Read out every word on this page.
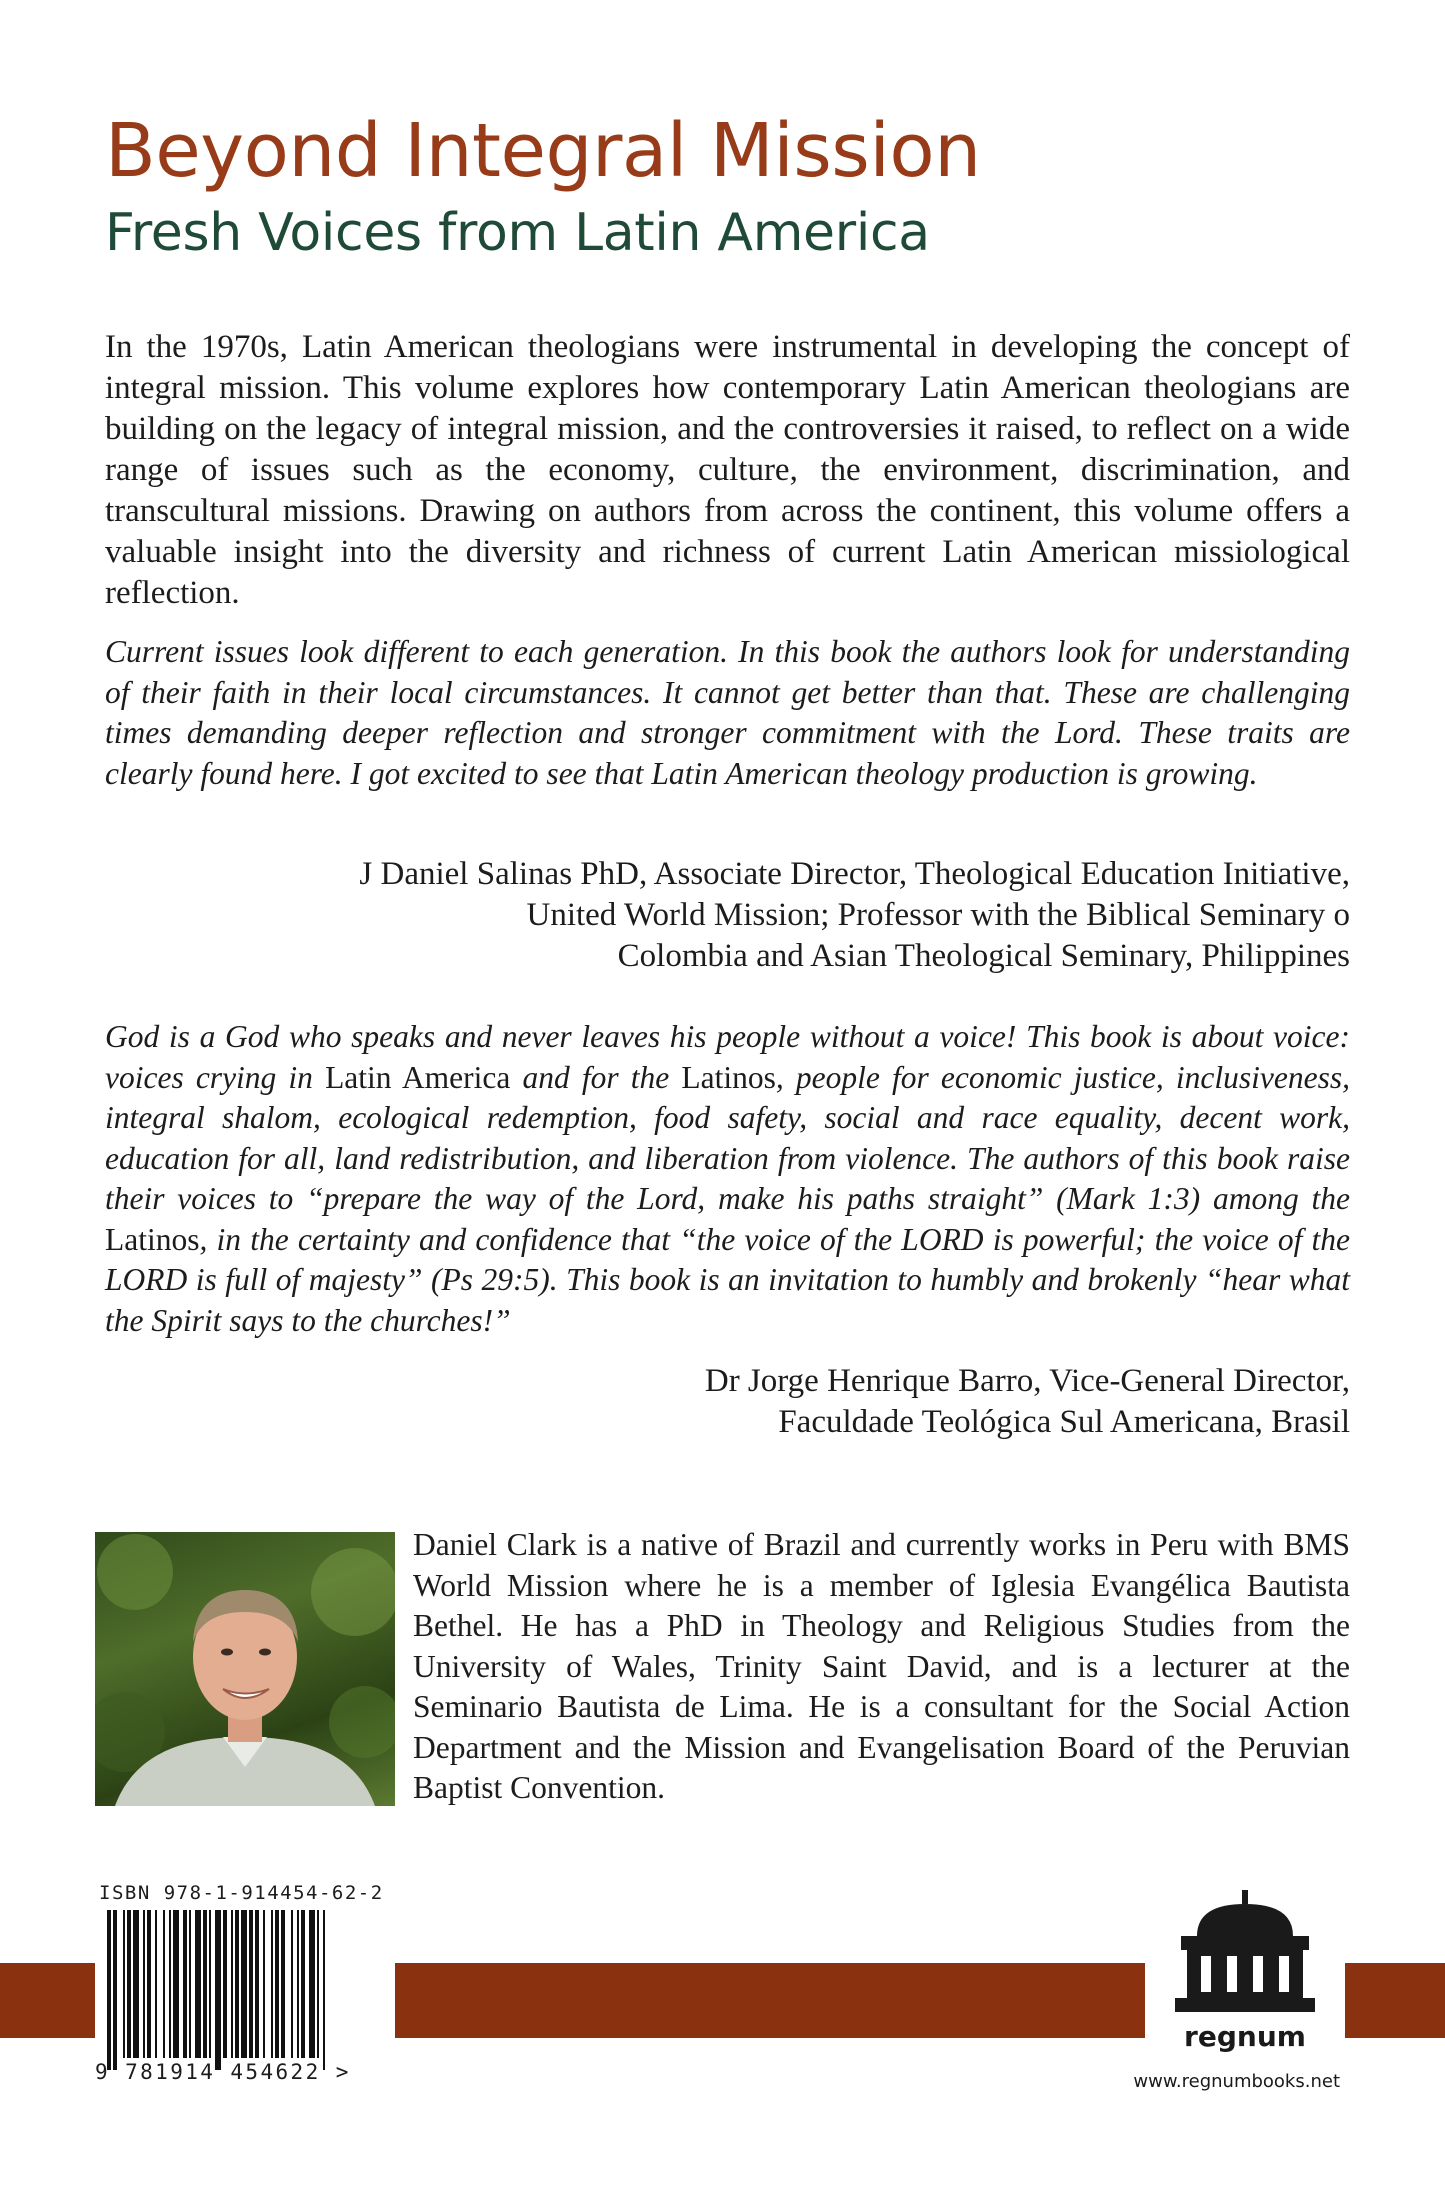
Beyond Integral Mission
Fresh Voices from Latin America

In the 1970s, Latin American theologians were instrumental in developing the concept of integral mission. This volume explores how contemporary Latin American theologians are building on the legacy of integral mission, and the controversies it raised, to reflect on a wide range of issues such as the economy, culture, the environment, discrimination, and transcultural missions. Drawing on authors from across the continent, this volume offers a valuable insight into the diversity and richness of current Latin American missiological reflection.

Current issues look different to each generation. In this book the authors look for understanding of their faith in their local circumstances. It cannot get better than that. These are challenging times demanding deeper reflection and stronger commitment with the Lord. These traits are clearly found here. I got excited to see that Latin American theology production is growing.

J Daniel Salinas PhD, Associate Director, Theological Education Initiative,
United World Mission; Professor with the Biblical Seminary o
Colombia and Asian Theological Seminary, Philippines

God is a God who speaks and never leaves his people without a voice! This book is about voice: voices crying in Latin America and for the Latinos, people for economic justice, inclusiveness, integral shalom, ecological redemption, food safety, social and race equality, decent work, education for all, land redistribution, and liberation from violence. The authors of this book raise their voices to “prepare the way of the Lord, make his paths straight” (Mark 1:3) among the Latinos, in the certainty and confidence that “the voice of the LORD is powerful; the voice of the LORD is full of majesty” (Ps 29:5). This book is an invitation to humbly and brokenly “hear what the Spirit says to the churches!”

Dr Jorge Henrique Barro, Vice-General Director,
Faculdade Teológica Sul Americana, Brasil

Daniel Clark is a native of Brazil and currently works in Peru with BMS World Mission where he is a member of Iglesia Evangélica Bautista Bethel. He has a PhD in Theology and Religious Studies from the University of Wales, Trinity Saint David, and is a lecturer at the Seminario Bautista de Lima. He is a consultant for the Social Action Department and the Mission and Evangelisation Board of the Peruvian Baptist Convention.

ISBN 978-1-914454-62-2

9 781914 454622 >

regnum

www.regnumbooks.net
